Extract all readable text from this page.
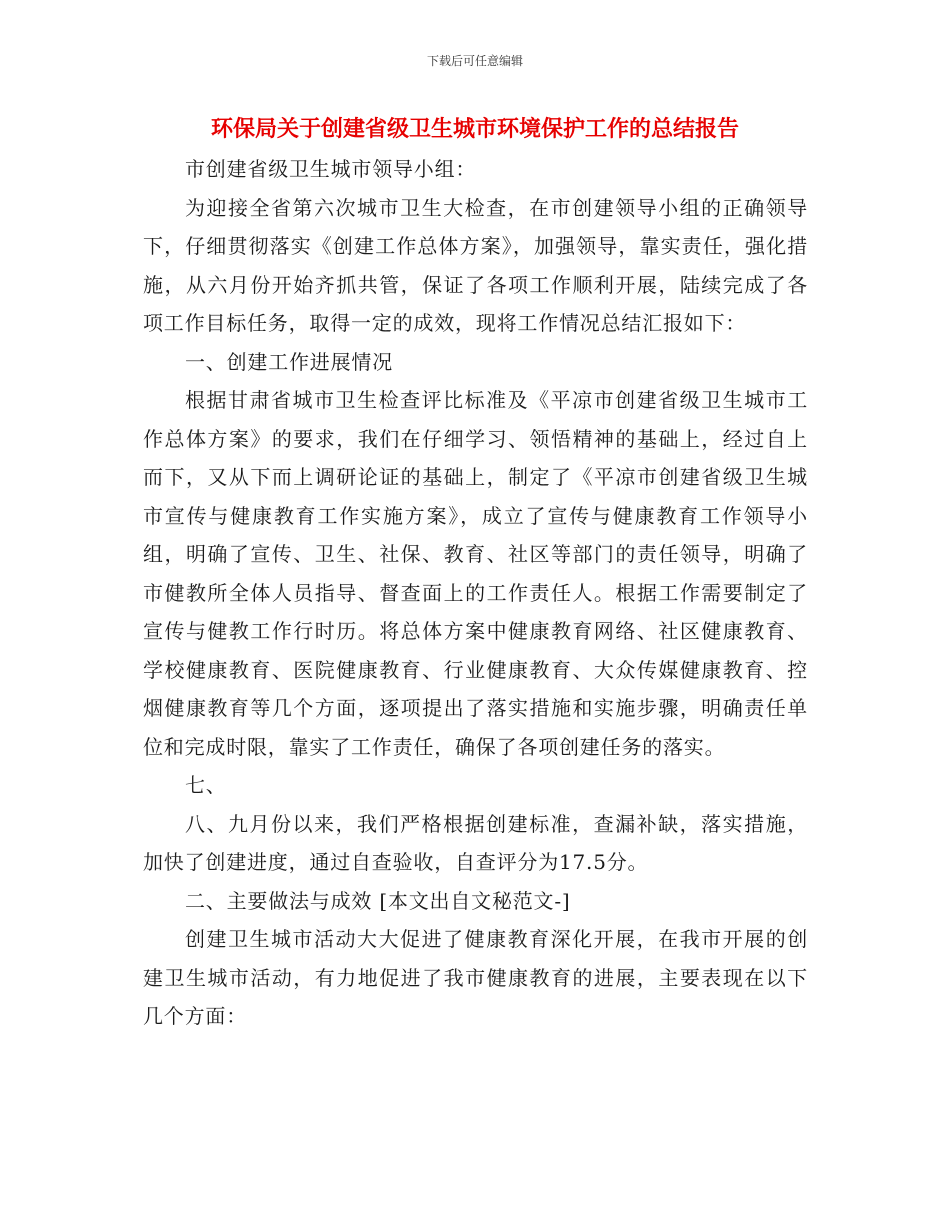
下载后可任意编辑
环保局关于创建省级卫生城市环境保护工作的总结报告

市创建省级卫生城市领导小组：

为迎接全省第六次城市卫生大检查，在市创建领导小组的正确领导下，仔细贯彻落实《创建工作总体方案》，加强领导，靠实责任，强化措施，从六月份开始齐抓共管，保证了各项工作顺利开展，陆续完成了各项工作目标任务，取得一定的成效，现将工作情况总结汇报如下：

一、创建工作进展情况

根据甘肃省城市卫生检查评比标准及《平凉市创建省级卫生城市工作总体方案》的要求，我们在仔细学习、领悟精神的基础上，经过自上而下，又从下而上调研论证的基础上，制定了《平凉市创建省级卫生城市宣传与健康教育工作实施方案》，成立了宣传与健康教育工作领导小组，明确了宣传、卫生、社保、教育、社区等部门的责任领导，明确了市健教所全体人员指导、督查面上的工作责任人。根据工作需要制定了宣传与健教工作行时历。将总体方案中健康教育网络、社区健康教育、学校健康教育、医院健康教育、行业健康教育、大众传媒健康教育、控烟健康教育等几个方面，逐项提出了落实措施和实施步骤，明确责任单位和完成时限，靠实了工作责任，确保了各项创建任务的落实。

七、

八、九月份以来，我们严格根据创建标准，查漏补缺，落实措施，加快了创建进度，通过自查验收，自查评分为17.5分。

二、主要做法与成效 [本文出自文秘范文-]

创建卫生城市活动大大促进了健康教育深化开展，在我市开展的创建卫生城市活动，有力地促进了我市健康教育的进展，主要表现在以下几个方面：
